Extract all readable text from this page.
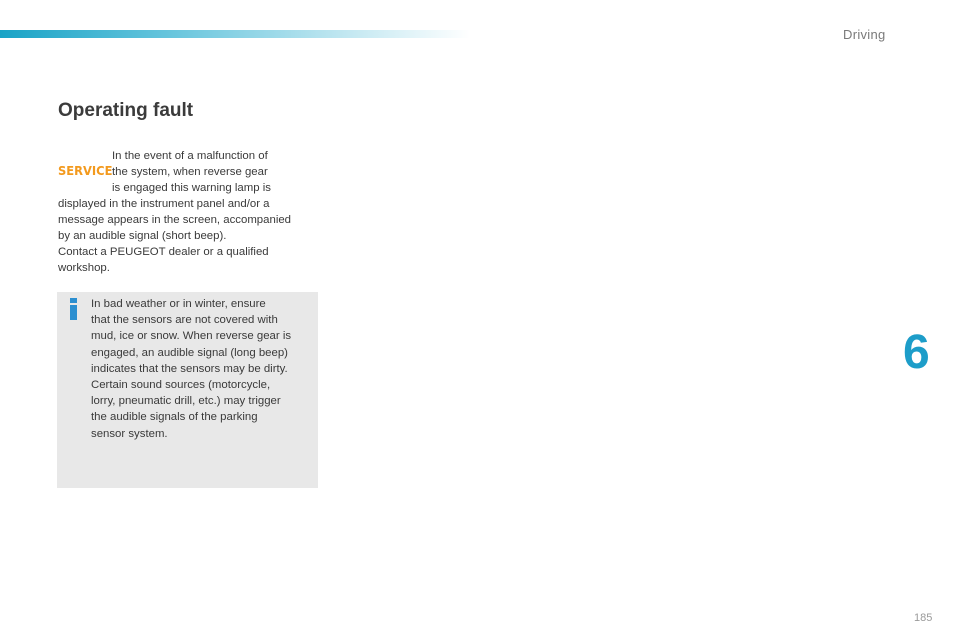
Driving
Operating fault
SERVICE
In the event of a malfunction of
the system, when reverse gear
is engaged this warning lamp is
displayed in the instrument panel and/or a
message appears in the screen, accompanied
by an audible signal (short beep).
Contact a PEUGEOT dealer or a qualified
workshop.
In bad weather or in winter, ensure
that the sensors are not covered with
mud, ice or snow. When reverse gear is
engaged, an audible signal (long beep)
indicates that the sensors may be dirty.
Certain sound sources (motorcycle,
lorry, pneumatic drill, etc.) may trigger
the audible signals of the parking
sensor system.
6
185
